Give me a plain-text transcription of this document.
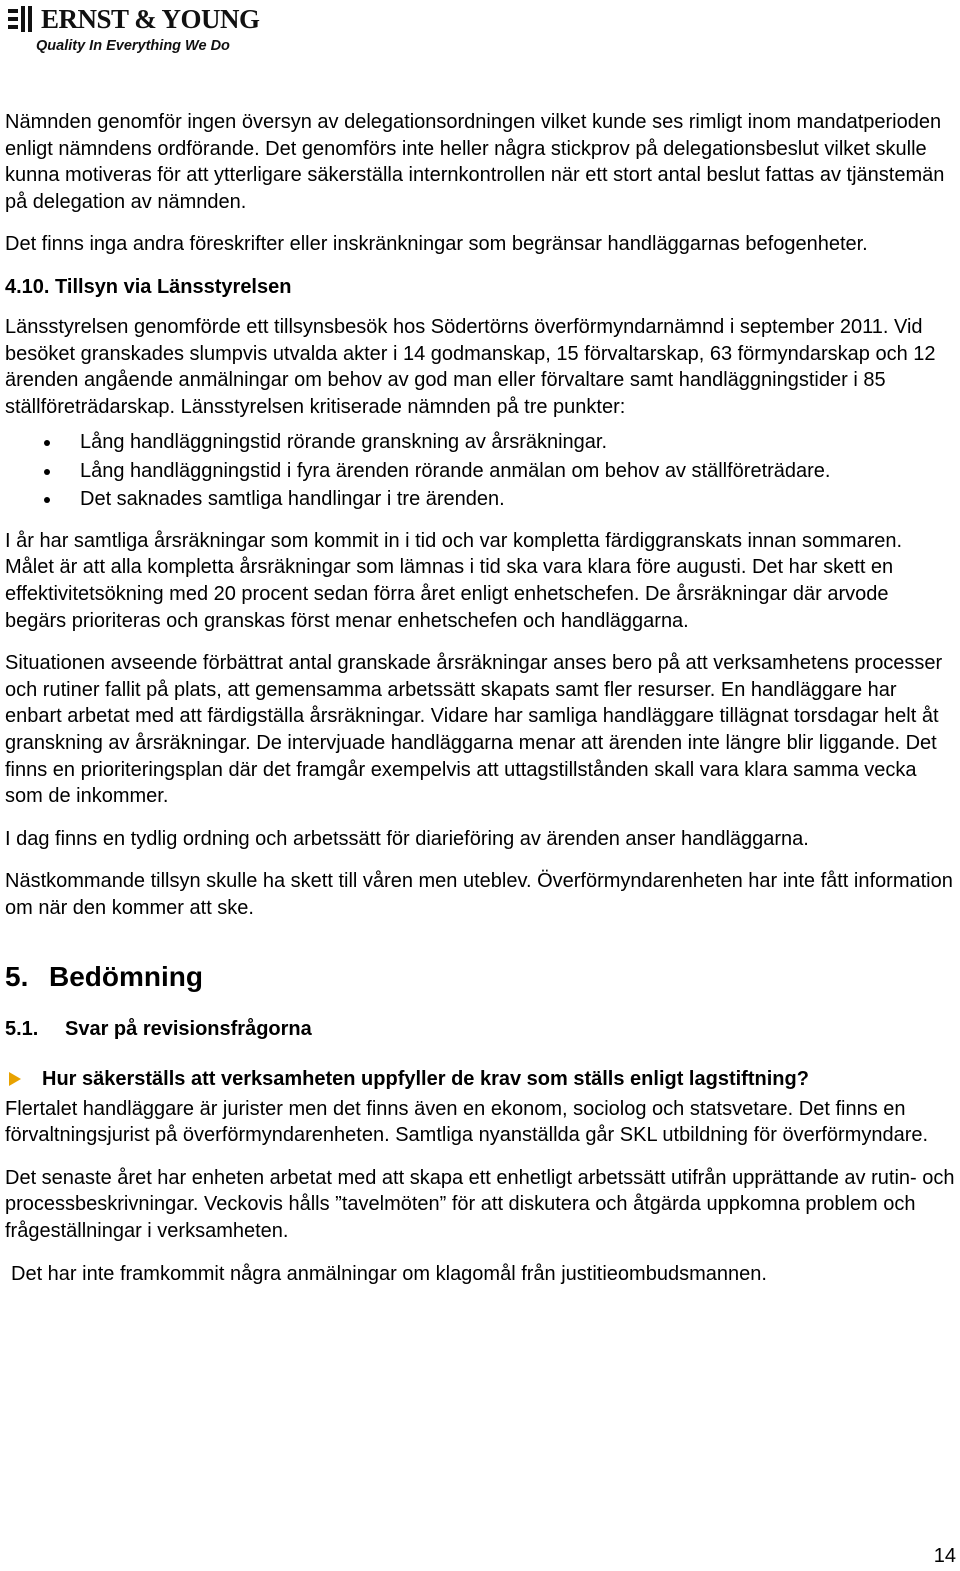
ERNST & YOUNG
Quality In Everything We Do

Nämnden genomför ingen översyn av delegationsordningen vilket kunde ses rimligt inom mandatperioden enligt nämndens ordförande. Det genomförs inte heller några stickprov på delegationsbeslut vilket skulle kunna motiveras för att ytterligare säkerställa internkontrollen när ett stort antal beslut fattas av tjänstemän på delegation av nämnden.

Det finns inga andra föreskrifter eller inskränkningar som begränsar handläggarnas befogenheter.

4.10. Tillsyn via Länsstyrelsen

Länsstyrelsen genomförde ett tillsynsbesök hos Södertörns överförmyndarnämnd i september 2011. Vid besöket granskades slumpvis utvalda akter i 14 godmanskap, 15 förvaltarskap, 63 förmyndarskap och 12 ärenden angående anmälningar om behov av god man eller förvaltare samt handläggningstider i 85 ställföreträdarskap. Länsstyrelsen kritiserade nämnden på tre punkter:

Lång handläggningstid rörande granskning av årsräkningar.
Lång handläggningstid i fyra ärenden rörande anmälan om behov av ställföreträdare.
Det saknades samtliga handlingar i tre ärenden.

I år har samtliga årsräkningar som kommit in i tid och var kompletta färdiggranskats innan sommaren. Målet är att alla kompletta årsräkningar som lämnas i tid ska vara klara före augusti. Det har skett en effektivitetsökning med 20 procent sedan förra året enligt enhetschefen. De årsräkningar där arvode begärs prioriteras och granskas först menar enhetschefen och handläggarna.

Situationen avseende förbättrat antal granskade årsräkningar anses bero på att verksamhetens processer och rutiner fallit på plats, att gemensamma arbetssätt skapats samt fler resurser. En handläggare har enbart arbetat med att färdigställa årsräkningar. Vidare har samliga handläggare tillägnat torsdagar helt åt granskning av årsräkningar. De intervjuade handläggarna menar att ärenden inte längre blir liggande. Det finns en prioriteringsplan där det framgår exempelvis att uttagstillstånden skall vara klara samma vecka som de inkommer.

I dag finns en tydlig ordning och arbetssätt för diarieföring av ärenden anser handläggarna.

Nästkommande tillsyn skulle ha skett till våren men uteblev. Överförmyndarenheten har inte fått information om när den kommer att ske.

5. Bedömning
5.1. Svar på revisionsfrågorna
Hur säkerställs att verksamheten uppfyller de krav som ställs enligt lagstiftning?

Flertalet handläggare är jurister men det finns även en ekonom, sociolog och statsvetare. Det finns en förvaltningsjurist på överförmyndarenheten. Samtliga nyanställda går SKL utbildning för överförmyndare.

Det senaste året har enheten arbetat med att skapa ett enhetligt arbetssätt utifrån upprättande av rutin- och processbeskrivningar. Veckovis hålls ”tavelmöten” för att diskutera och åtgärda uppkomna problem och frågeställningar i verksamheten.

Det har inte framkommit några anmälningar om klagomål från justitieombudsmannen.

14
